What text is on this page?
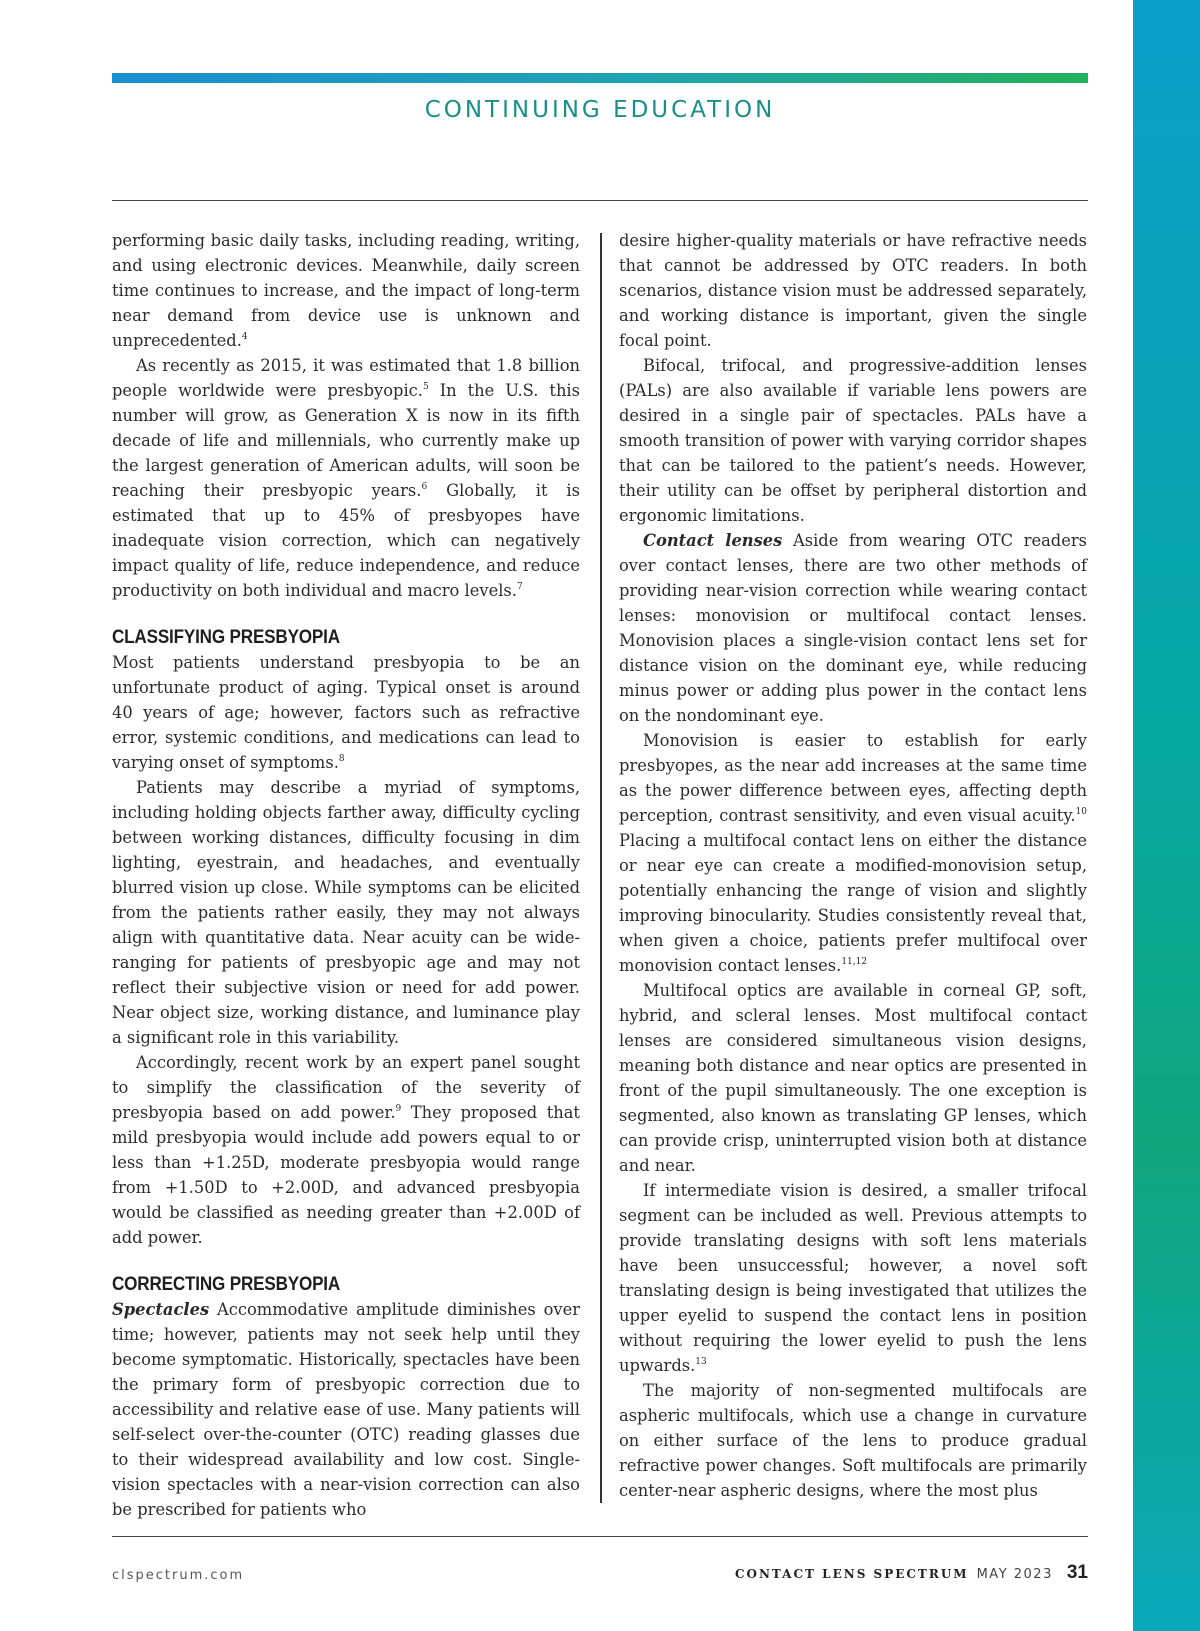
CONTINUING EDUCATION

performing basic daily tasks, including reading, writing, and using electronic devices. Meanwhile, daily screen time continues to increase, and the impact of long-term near demand from device use is unknown and unprecedented.$^4$

As recently as 2015, it was estimated that 1.8 billion people worldwide were presbyopic.$^5$ In the U.S. this number will grow, as Generation X is now in its fifth decade of life and millennials, who currently make up the largest generation of American adults, will soon be reaching their presbyopic years.$^6$ Globally, it is estimated that up to 45% of presbyopes have inadequate vision correction, which can negatively impact quality of life, reduce independence, and reduce productivity on both individual and macro levels.$^7$

CLASSIFYING PRESBYOPIA

Most patients understand presbyopia to be an unfortunate product of aging. Typical onset is around 40 years of age; however, factors such as refractive error, systemic conditions, and medications can lead to varying onset of symptoms.$^8$

Patients may describe a myriad of symptoms, including holding objects farther away, difficulty cycling between working distances, difficulty focusing in dim lighting, eyestrain, and headaches, and eventually blurred vision up close. While symptoms can be elicited from the patients rather easily, they may not always align with quantitative data. Near acuity can be wide-ranging for patients of presbyopic age and may not reflect their subjective vision or need for add power. Near object size, working distance, and luminance play a significant role in this variability.

Accordingly, recent work by an expert panel sought to simplify the classification of the severity of presbyopia based on add power.$^9$ They proposed that mild presbyopia would include add powers equal to or less than +1.25D, moderate presbyopia would range from +1.50D to +2.00D, and advanced presbyopia would be classified as needing greater than +2.00D of add power.

CORRECTING PRESBYOPIA

Spectacles Accommodative amplitude diminishes over time; however, patients may not seek help until they become symptomatic. Historically, spectacles have been the primary form of presbyopic correction due to accessibility and relative ease of use. Many patients will self-select over-the-counter (OTC) reading glasses due to their widespread availability and low cost. Single-vision spectacles with a near-vision correction can also be prescribed for patients who

desire higher-quality materials or have refractive needs that cannot be addressed by OTC readers. In both scenarios, distance vision must be addressed separately, and working distance is important, given the single focal point.

Bifocal, trifocal, and progressive-addition lenses (PALs) are also available if variable lens powers are desired in a single pair of spectacles. PALs have a smooth transition of power with varying corridor shapes that can be tailored to the patient’s needs. However, their utility can be offset by peripheral distortion and ergonomic limitations.

Contact lenses Aside from wearing OTC readers over contact lenses, there are two other methods of providing near-vision correction while wearing contact lenses: monovision or multifocal contact lenses. Monovision places a single-vision contact lens set for distance vision on the dominant eye, while reducing minus power or adding plus power in the contact lens on the nondominant eye.

Monovision is easier to establish for early presbyopes, as the near add increases at the same time as the power difference between eyes, affecting depth perception, contrast sensitivity, and even visual acuity.$^{10}$ Placing a multifocal contact lens on either the distance or near eye can create a modified-monovision setup, potentially enhancing the range of vision and slightly improving binocularity. Studies consistently reveal that, when given a choice, patients prefer multifocal over monovision contact lenses.$^{11,12}$

Multifocal optics are available in corneal GP, soft, hybrid, and scleral lenses. Most multifocal contact lenses are considered simultaneous vision designs, meaning both distance and near optics are presented in front of the pupil simultaneously. The one exception is segmented, also known as translating GP lenses, which can provide crisp, uninterrupted vision both at distance and near.

If intermediate vision is desired, a smaller trifocal segment can be included as well. Previous attempts to provide translating designs with soft lens materials have been unsuccessful; however, a novel soft translating design is being investigated that utilizes the upper eyelid to suspend the contact lens in position without requiring the lower eyelid to push the lens upwards.$^{13}$

The majority of non-segmented multifocals are aspheric multifocals, which use a change in curvature on either surface of the lens to produce gradual refractive power changes. Soft multifocals are primarily center-near aspheric designs, where the most plus

clspectrum.com	CONTACT LENS SPECTRUM MAY 2023 31
